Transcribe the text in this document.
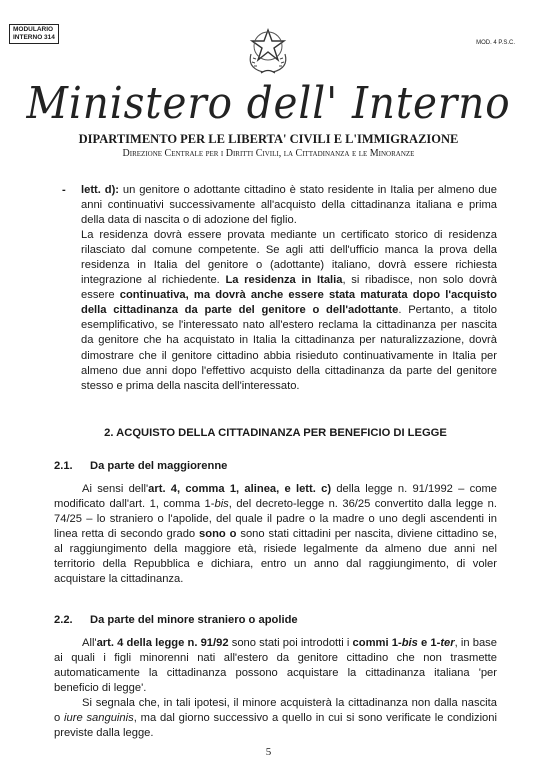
MODULARIO
INTERNO 314
MOD. 4 P.S.C.
Ministero dell' Interno
DIPARTIMENTO PER LE LIBERTA' CIVILI E L'IMMIGRAZIONE
Direzione Centrale per i Diritti Civili, la Cittadinanza e le Minoranze
- lett. d): un genitore o adottante cittadino è stato residente in Italia per almeno due anni continuativi successivamente all'acquisto della cittadinanza italiana e prima della data di nascita o di adozione del figlio.

La residenza dovrà essere provata mediante un certificato storico di residenza rilasciato dal comune competente. Se agli atti dell'ufficio manca la prova della residenza in Italia del genitore o (adottante) italiano, dovrà essere richiesta integrazione al richiedente. La residenza in Italia, si ribadisce, non solo dovrà essere continuativa, ma dovrà anche essere stata maturata dopo l'acquisto della cittadinanza da parte del genitore o dell'adottante. Pertanto, a titolo esemplificativo, se l'interessato nato all'estero reclama la cittadinanza per nascita da genitore che ha acquistato in Italia la cittadinanza per naturalizzazione, dovrà dimostrare che il genitore cittadino abbia risieduto continuativamente in Italia per almeno due anni dopo l'effettivo acquisto della cittadinanza da parte del genitore stesso e prima della nascita dell'interessato.

2. ACQUISTO DELLA CITTADINANZA PER BENEFICIO DI LEGGE

2.1. Da parte del maggiorenne

Ai sensi dell'art. 4, comma 1, alinea, e lett. c) della legge n. 91/1992 – come modificato dall'art. 1, comma 1-bis, del decreto-legge n. 36/25 convertito dalla legge n. 74/25 – lo straniero o l'apolide, del quale il padre o la madre o uno degli ascendenti in linea retta di secondo grado sono o sono stati cittadini per nascita, diviene cittadino se, al raggiungimento della maggiore età, risiede legalmente da almeno due anni nel territorio della Repubblica e dichiara, entro un anno dal raggiungimento, di voler acquistare la cittadinanza.

2.2. Da parte del minore straniero o apolide

All'art. 4 della legge n. 91/92 sono stati poi introdotti i commi 1-bis e 1-ter, in base ai quali i figli minorenni nati all'estero da genitore cittadino che non trasmette automaticamente la cittadinanza possono acquistare la cittadinanza italiana 'per beneficio di legge'.

Si segnala che, in tali ipotesi, il minore acquisterà la cittadinanza non dalla nascita o iure sanguinis, ma dal giorno successivo a quello in cui si sono verificate le condizioni previste dalla legge.

5
